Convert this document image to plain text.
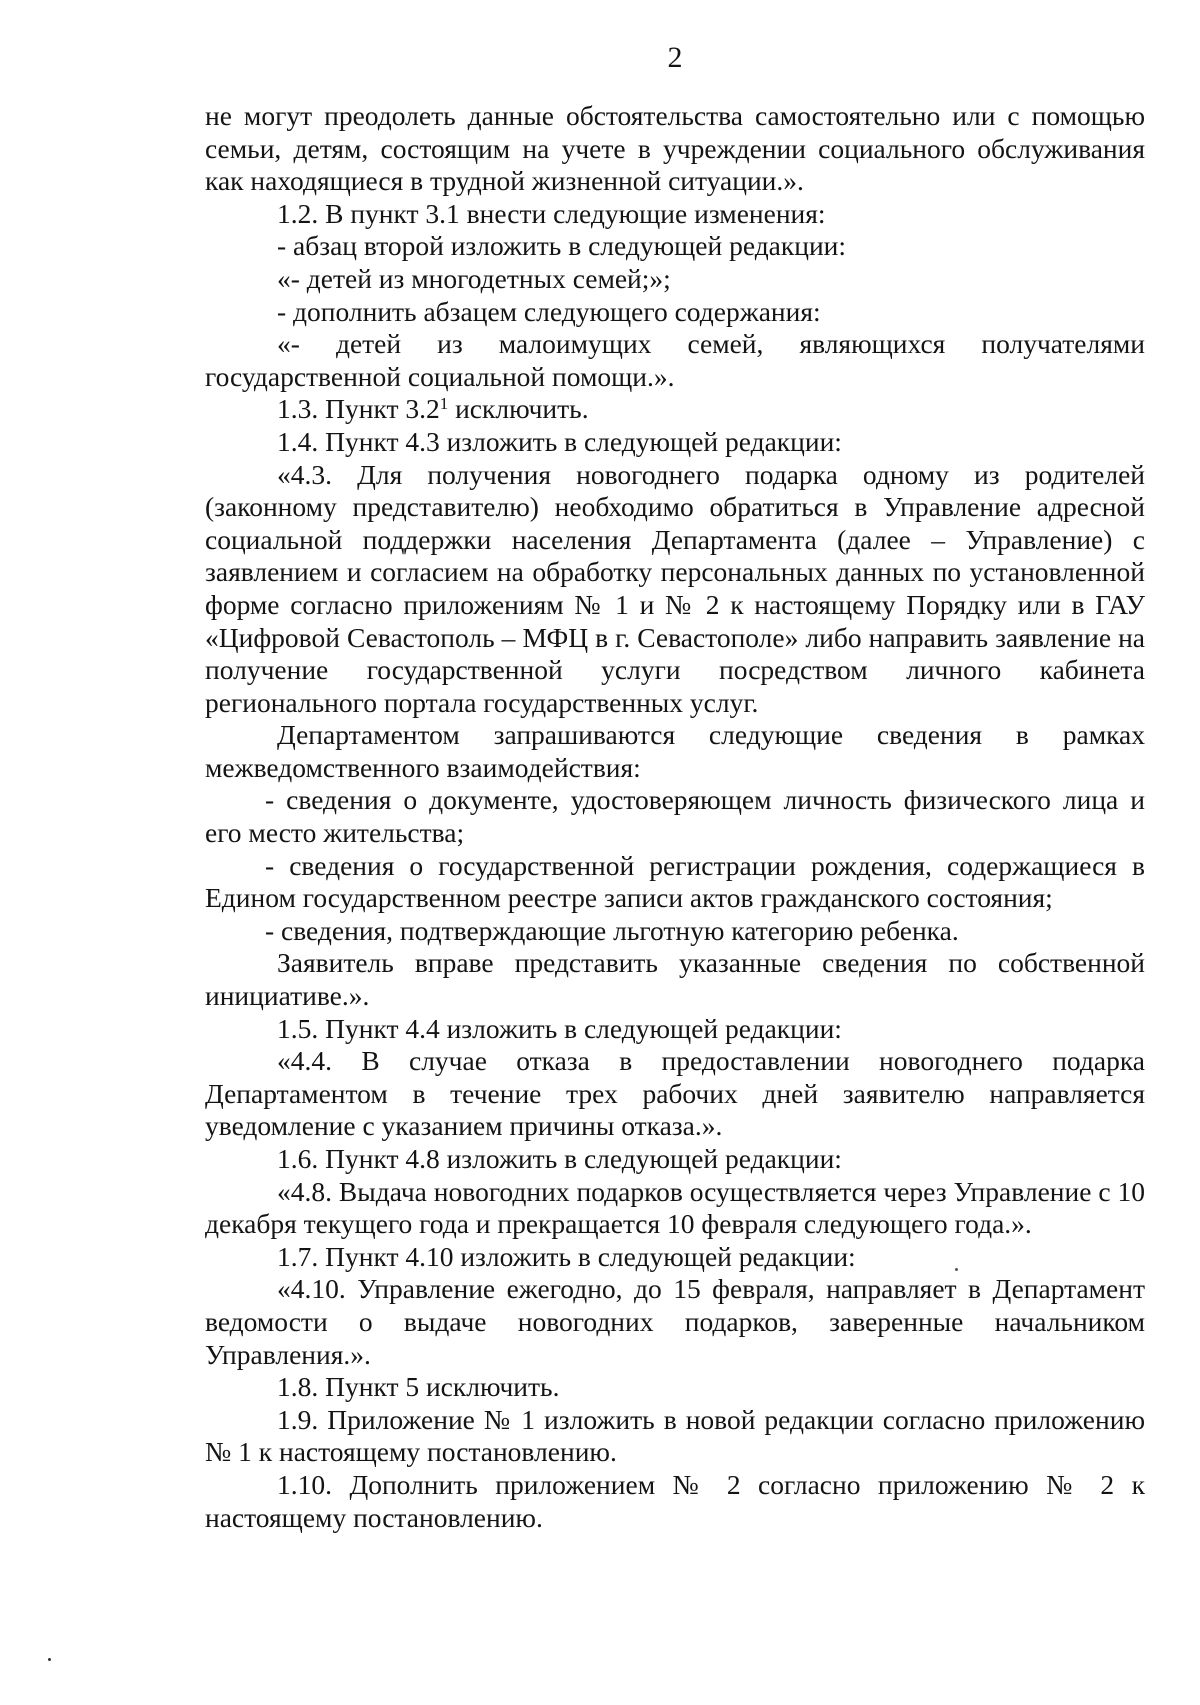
2

не могут преодолеть данные обстоятельства самостоятельно или с помощью семьи, детям, состоящим на учете в учреждении социального обслуживания как находящиеся в трудной жизненной ситуации.».

1.2. В пункт 3.1 внести следующие изменения:

- абзац второй изложить в следующей редакции:

«- детей из многодетных семей;»;

- дополнить абзацем следующего содержания:

«- детей из малоимущих семей, являющихся получателями государственной социальной помощи.».

1.3. Пункт $3.2^1$ исключить.

1.4. Пункт 4.3 изложить в следующей редакции:

«4.3. Для получения новогоднего подарка одному из родителей (законному представителю) необходимо обратиться в Управление адресной социальной поддержки населения Департамента (далее – Управление) с заявлением и согласием на обработку персональных данных по установленной форме согласно приложениям № 1 и № 2 к настоящему Порядку или в ГАУ «Цифровой Севастополь – МФЦ в г. Севастополе» либо направить заявление на получение государственной услуги посредством личного кабинета регионального портала государственных услуг.

Департаментом запрашиваются следующие сведения в рамках межведомственного взаимодействия:

- сведения о документе, удостоверяющем личность физического лица и его место жительства;

- сведения о государственной регистрации рождения, содержащиеся в Едином государственном реестре записи актов гражданского состояния;

- сведения, подтверждающие льготную категорию ребенка.

Заявитель вправе представить указанные сведения по собственной инициативе.».

1.5. Пункт 4.4 изложить в следующей редакции:

«4.4. В случае отказа в предоставлении новогоднего подарка Департаментом в течение трех рабочих дней заявителю направляется уведомление с указанием причины отказа.».

1.6. Пункт 4.8 изложить в следующей редакции:

«4.8. Выдача новогодних подарков осуществляется через Управление с 10 декабря текущего года и прекращается 10 февраля следующего года.».

1.7. Пункт 4.10 изложить в следующей редакции:

«4.10. Управление ежегодно, до 15 февраля, направляет в Департамент ведомости о выдаче новогодних подарков, заверенные начальником Управления.».

1.8. Пункт 5 исключить.

1.9. Приложение № 1 изложить в новой редакции согласно приложению № 1 к настоящему постановлению.

1.10. Дополнить приложением № 2 согласно приложению № 2 к настоящему постановлению.
